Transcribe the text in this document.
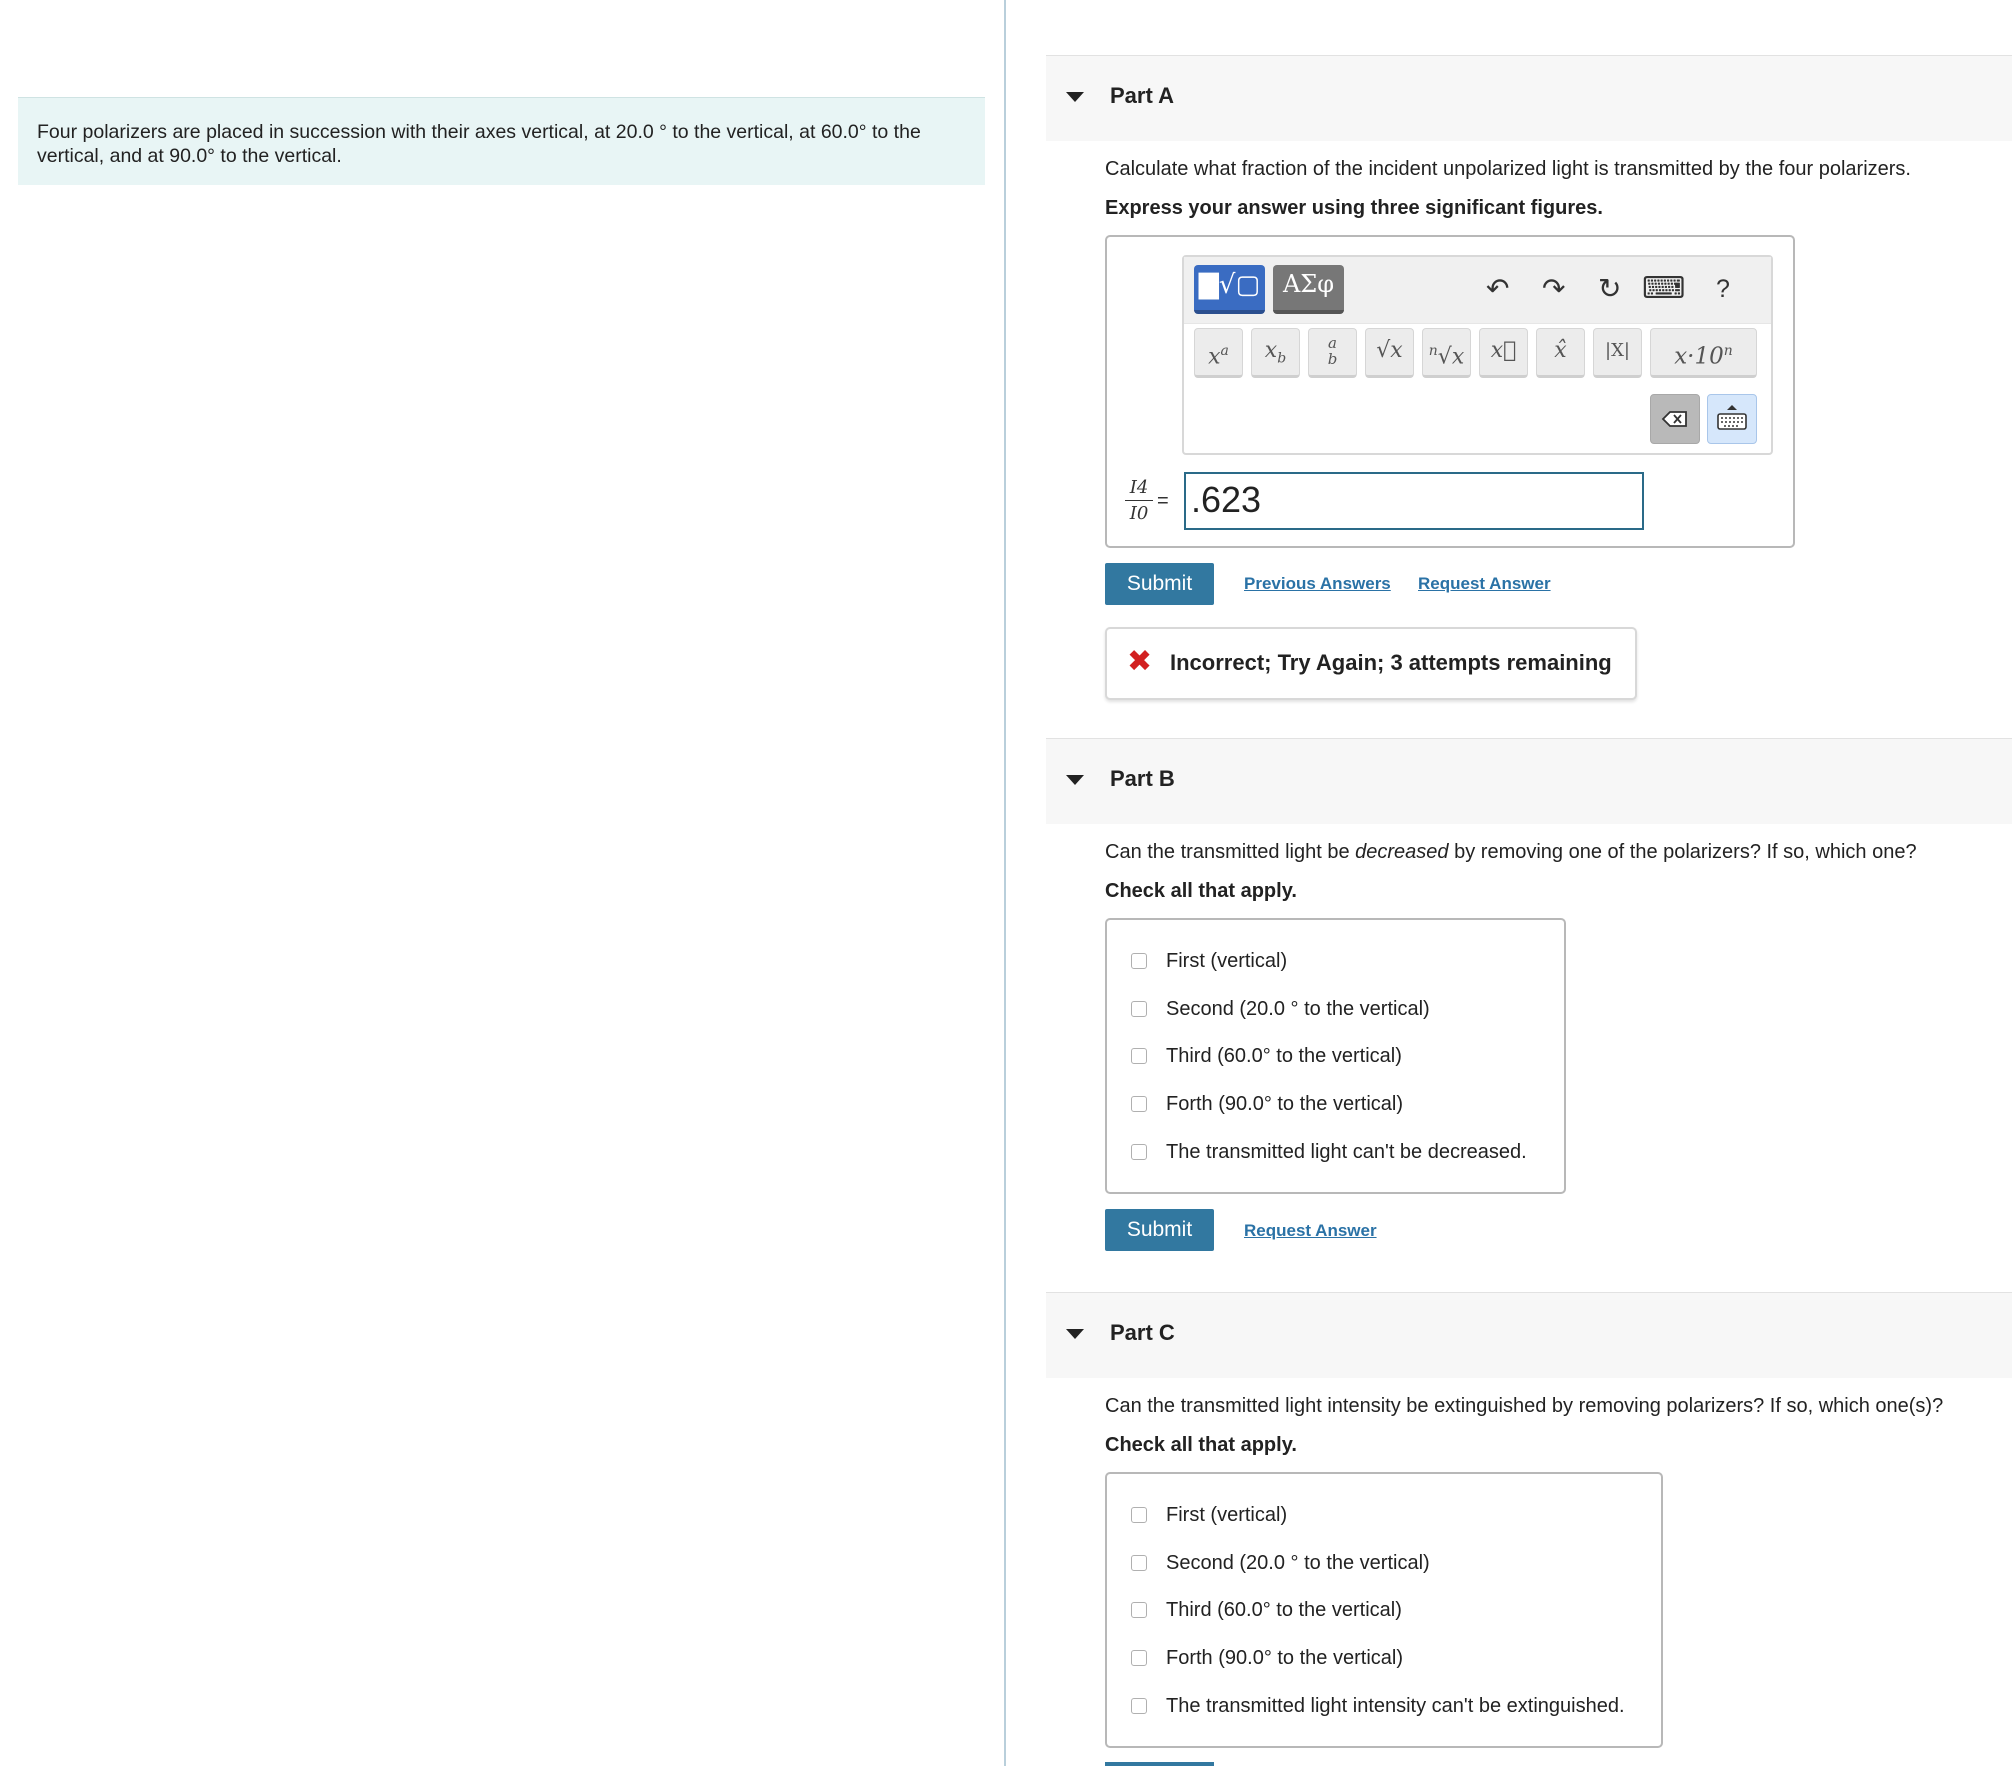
Four polarizers are placed in succession with their axes vertical, at 20.0 ° to the vertical, at 60.0° to the
vertical, and at 90.0° to the vertical.
Part A
Calculate what fraction of the incident unpolarized light is transmitted by the four polarizers.
Express your answer using three significant figures.
▇√▢ ΑΣφ	↶ ↷ ↻ ⌨ ?
$x^a$	$x_b$
a
b	√x	$^n$√x	x⃗	x̂	|X|	$x\cdot 10^n$
$\frac{I4}{I0} = .623$
Submit	Previous Answers Request Answer
✖ Incorrect; Try Again; 3 attempts remaining
Part B
Can the transmitted light be decreased by removing one of the polarizers? If so, which one?
Check all that apply.
First (vertical)
Second (20.0 ° to the vertical)
Third (60.0° to the vertical)
Forth (90.0° to the vertical)
The transmitted light can't be decreased.
Submit	Request Answer
Part C
Can the transmitted light intensity be extinguished by removing polarizers? If so, which one(s)?
Check all that apply.
First (vertical)
Second (20.0 ° to the vertical)
Third (60.0° to the vertical)
Forth (90.0° to the vertical)
The transmitted light intensity can't be extinguished.
